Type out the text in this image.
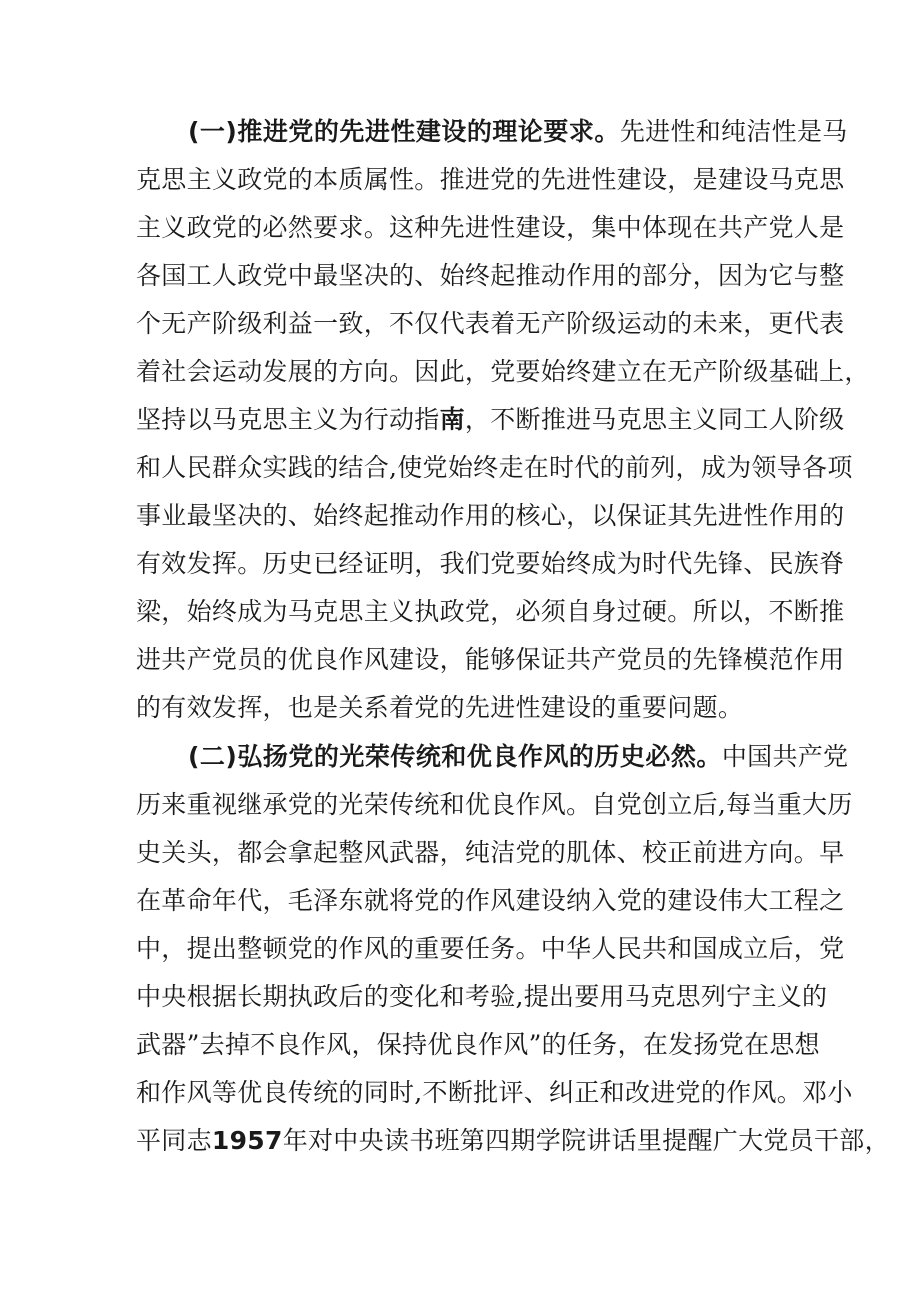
(一)推进党的先进性建设的理论要求。先进性和纯洁性是马
克思主义政党的本质属性。推进党的先进性建设，是建设马克思
主义政党的必然要求。这种先进性建设，集中体现在共产党人是
各国工人政党中最坚决的、始终起推动作用的部分，因为它与整
个无产阶级利益一致，不仅代表着无产阶级运动的未来，更代表
着社会运动发展的方向。因此，党要始终建立在无产阶级基础上，
坚持以马克思主义为行动指南，不断推进马克思主义同工人阶级
和人民群众实践的结合,使党始终走在时代的前列，成为领导各项
事业最坚决的、始终起推动作用的核心，以保证其先进性作用的
有效发挥。历史已经证明，我们党要始终成为时代先锋、民族脊
梁，始终成为马克思主义执政党，必须自身过硬。所以，不断推
进共产党员的优良作风建设，能够保证共产党员的先锋模范作用
的有效发挥，也是关系着党的先进性建设的重要问题。
(二)弘扬党的光荣传统和优良作风的历史必然。中国共产党
历来重视继承党的光荣传统和优良作风。自党创立后,每当重大历
史关头，都会拿起整风武器，纯洁党的肌体、校正前进方向。早
在革命年代，毛泽东就将党的作风建设纳入党的建设伟大工程之
中，提出整顿党的作风的重要任务。中华人民共和国成立后，党
中央根据长期执政后的变化和考验,提出要用马克思列宁主义的
武器”去掉不良作风，保持优良作风”的任务，在发扬党在思想
和作风等优良传统的同时,不断批评、纠正和改进党的作风。邓小
平同志1957年对中央读书班第四期学院讲话里提醒广大党员干部，
